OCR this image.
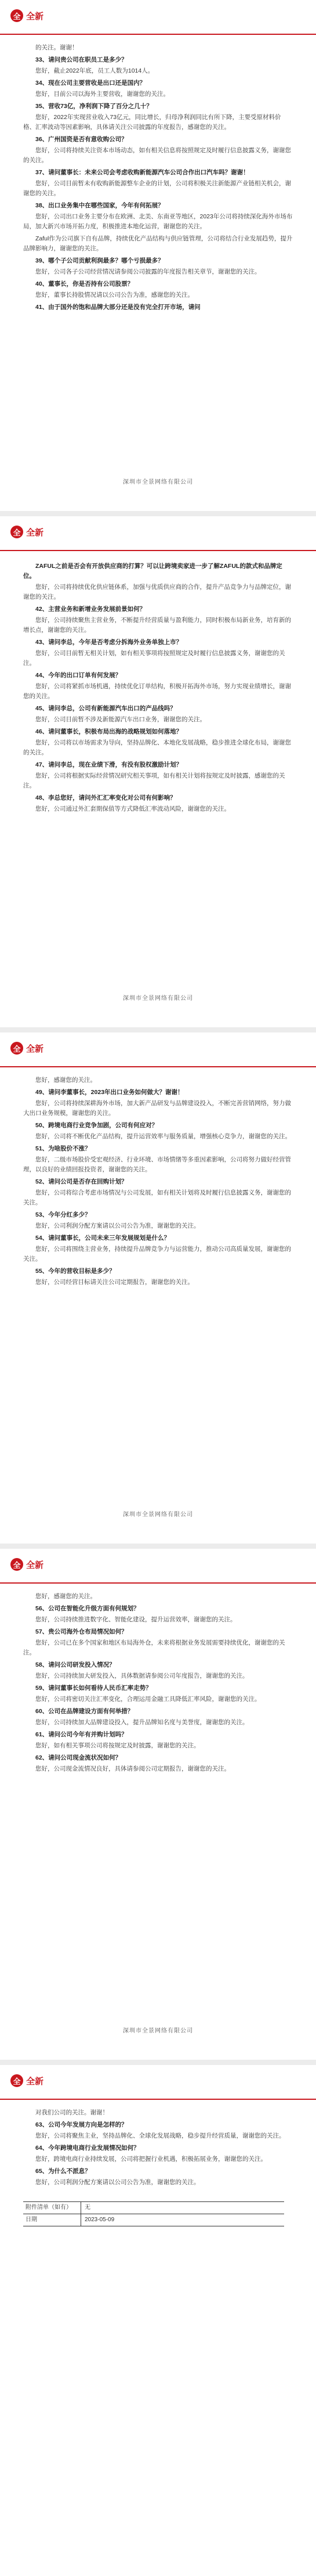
全 全新

的关注。谢谢！

33、请问贵公司在职员工是多少？

您好，截止2022年底，员工人数为1014人。

34、现在公司主要营收是出口还是国内？

您好，目前公司以海外主要营收，谢谢您的关注。

35、营收73亿，净利润下降了百分之几十？

您好，2022年实现营业收入73亿元，同比增长，归母净利润同比有所下降，主要受原材料价格、汇率波动等因素影响，具体请关注公司披露的年度报告，感谢您的关注。

36、广州国资是否有意收购公司？

您好，公司将持续关注资本市场动态，如有相关信息将按照规定及时履行信息披露义务，谢谢您的关注。

37、请问董事长：未来公司会考虑收购新能源汽车公司合作出口汽车吗？谢谢！

您好，公司目前暂未有收购新能源整车企业的计划，公司将积极关注新能源产业链相关机会，谢谢您的关注。

38、出口业务集中在哪些国家，今年有何拓展？

您好，公司出口业务主要分布在欧洲、北美、东南亚等地区，2023年公司将持续深化海外市场布局，加大新兴市场开拓力度，积极推进本地化运营，谢谢您的关注。

Zaful作为公司旗下自有品牌，持续优化产品结构与供应链管理，公司将结合行业发展趋势，提升品牌影响力，谢谢您的关注。

39、哪个子公司贡献利润最多？哪个亏损最多？

您好，公司各子公司经营情况请参阅公司披露的年度报告相关章节，谢谢您的关注。

40、董事长，你是否持有公司股票？

您好，董事长持股情况请以公司公告为准，感谢您的关注。

41、由于国外的饱和品牌大部分还是没有完全打开市场，请问

深圳市全景网络有限公司
全 全新

ZAFUL之前是否会有开放供应商的打算？可以让跨境卖家进一步了解ZAFUL的款式和品牌定位。

您好，公司将持续优化供应链体系，加强与优质供应商的合作，提升产品竞争力与品牌定位，谢谢您的关注。

42、主营业务和新增业务发展前景如何？

您好，公司持续聚焦主营业务，不断提升经营质量与盈利能力，同时积极布局新业务，培育新的增长点，谢谢您的关注。

43、请问李总，今年是否考虑分拆海外业务单独上市？

您好，公司目前暂无相关计划，如有相关事项将按照规定及时履行信息披露义务，谢谢您的关注。

44、今年的出口订单有何发展？

您好，公司将紧抓市场机遇，持续优化订单结构，积极开拓海外市场，努力实现业绩增长，谢谢您的关注。

45、请问李总，公司有新能源汽车出口的产品线吗？

您好，公司目前暂不涉及新能源汽车出口业务，谢谢您的关注。

46、请问董事长，积极布局出海的战略规划如何落地？

您好，公司将以市场需求为导向，坚持品牌化、本地化发展战略，稳步推进全球化布局，谢谢您的关注。

47、请问李总，现在业绩下滑，有没有股权激励计划？

您好，公司将根据实际经营情况研究相关事项，如有相关计划将按规定及时披露，感谢您的关注。

48、李总您好，请问外汇汇率变化对公司有何影响？

您好，公司通过外汇套期保值等方式降低汇率波动风险，谢谢您的关注。

深圳市全景网络有限公司
全 全新

您好，感谢您的关注。

49、请问李董事长，2023年出口业务如何做大？谢谢！

您好，公司将持续深耕海外市场，加大新产品研发与品牌建设投入，不断完善营销网络，努力做大出口业务规模，谢谢您的关注。

50、跨境电商行业竞争加剧，公司有何应对？

您好，公司将不断优化产品结构，提升运营效率与服务质量，增强核心竞争力，谢谢您的关注。

51、为啥股价不涨？

您好，二级市场股价受宏观经济、行业环境、市场情绪等多重因素影响，公司将努力做好经营管理，以良好的业绩回报投资者，谢谢您的关注。

52、请问公司是否存在回购计划？

您好，公司将综合考虑市场情况与公司发展，如有相关计划将及时履行信息披露义务，谢谢您的关注。

53、今年分红多少？

您好，公司利润分配方案请以公司公告为准，谢谢您的关注。

54、请问董事长，公司未来三年发展规划是什么？

您好，公司将围绕主营业务，持续提升品牌竞争力与运营能力，推动公司高质量发展，谢谢您的关注。

55、今年的营收目标是多少？

您好，公司经营目标请关注公司定期报告，谢谢您的关注。

深圳市全景网络有限公司
全 全新

您好，感谢您的关注。

56、公司在智能化升级方面有何规划？

您好，公司持续推进数字化、智能化建设，提升运营效率，谢谢您的关注。

57、贵公司海外仓布局情况如何？

您好，公司已在多个国家和地区布局海外仓，未来将根据业务发展需要持续优化，谢谢您的关注。

58、请问公司研发投入情况？

您好，公司持续加大研发投入，具体数据请参阅公司年度报告，谢谢您的关注。

59、请问董事长如何看待人民币汇率走势？

您好，公司将密切关注汇率变化，合理运用金融工具降低汇率风险，谢谢您的关注。

60、公司在品牌建设方面有何举措？

您好，公司持续加大品牌建设投入，提升品牌知名度与美誉度，谢谢您的关注。

61、请问公司今年有并购计划吗？

您好，如有相关事项公司将按规定及时披露，谢谢您的关注。

62、请问公司现金流状况如何？

您好，公司现金流情况良好，具体请参阅公司定期报告，谢谢您的关注。

深圳市全景网络有限公司
全 全新

对我们公司的关注。谢谢！

63、公司今年发展方向是怎样的？

您好，公司将聚焦主业，坚持品牌化、全球化发展战略，稳步提升经营质量，谢谢您的关注。

64、今年跨境电商行业发展情况如何？

您好，跨境电商行业持续发展，公司将把握行业机遇，积极拓展业务，谢谢您的关注。

65、为什么不派息？

您好，公司利润分配方案请以公司公告为准，谢谢您的关注。

附件清单（如有）	无
日期	2023-05-09
